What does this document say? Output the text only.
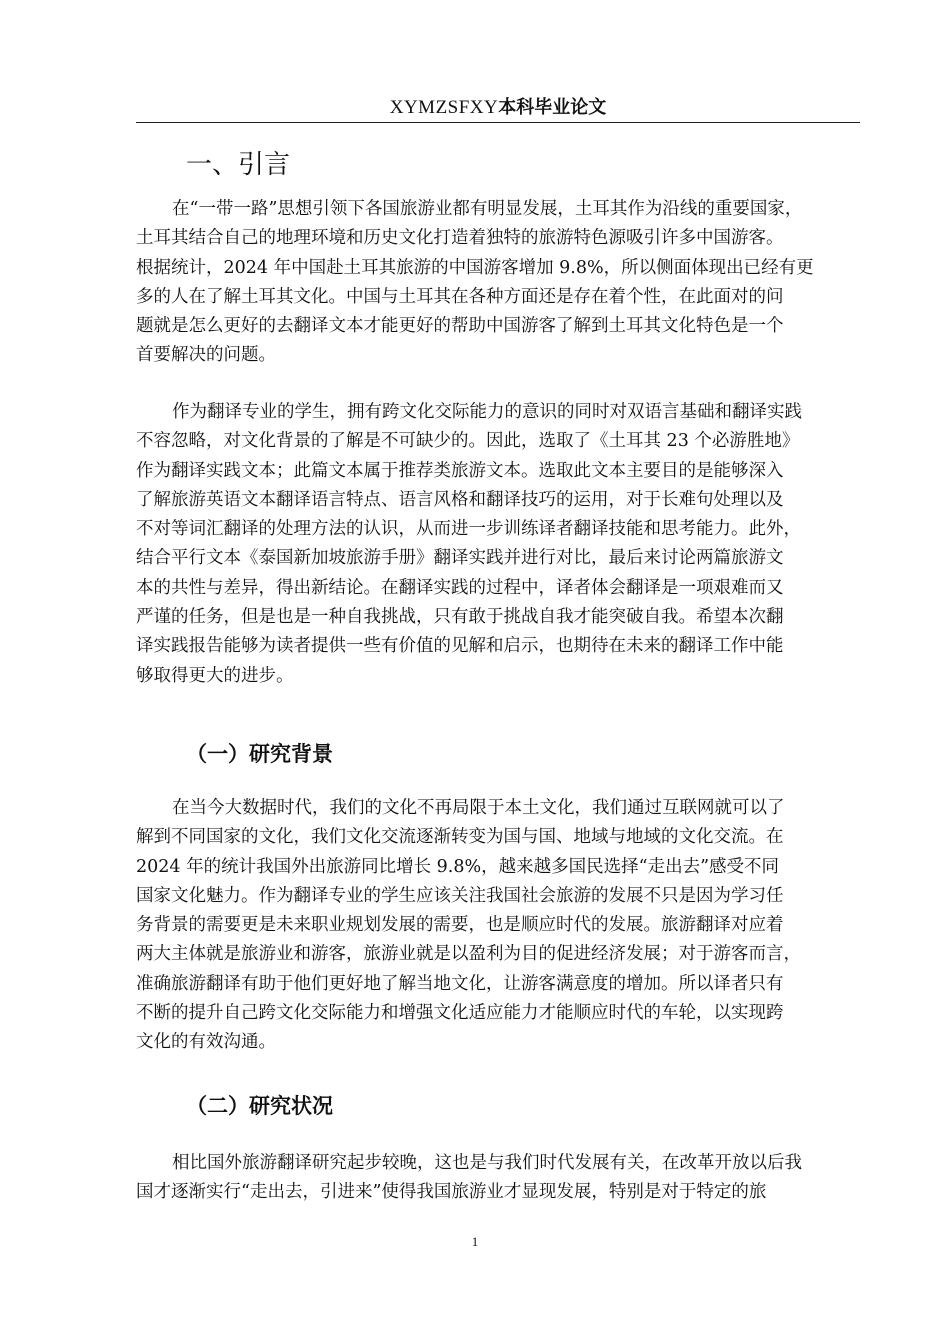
XYMZSFXY本科毕业论文
一、引言
在“一带一路”思想引领下各国旅游业都有明显发展，土耳其作为沿线的重要国家，
土耳其结合自己的地理环境和历史文化打造着独特的旅游特色源吸引许多中国游客。
根据统计，2024 年中国赴土耳其旅游的中国游客增加 9.8%，所以侧面体现出已经有更
多的人在了解土耳其文化。中国与土耳其在各种方面还是存在着个性，在此面对的问
题就是怎么更好的去翻译文本才能更好的帮助中国游客了解到土耳其文化特色是一个
首要解决的问题。
作为翻译专业的学生，拥有跨文化交际能力的意识的同时对双语言基础和翻译实践
不容忽略，对文化背景的了解是不可缺少的。因此，选取了《土耳其 23 个必游胜地》
作为翻译实践文本；此篇文本属于推荐类旅游文本。选取此文本主要目的是能够深入
了解旅游英语文本翻译语言特点、语言风格和翻译技巧的运用，对于长难句处理以及
不对等词汇翻译的处理方法的认识，从而进一步训练译者翻译技能和思考能力。此外，
结合平行文本《泰国新加坡旅游手册》翻译实践并进行对比，最后来讨论两篇旅游文
本的共性与差异，得出新结论。在翻译实践的过程中，译者体会翻译是一项艰难而又
严谨的任务，但是也是一种自我挑战，只有敢于挑战自我才能突破自我。希望本次翻
译实践报告能够为读者提供一些有价值的见解和启示，也期待在未来的翻译工作中能
够取得更大的进步。
（一）研究背景
在当今大数据时代，我们的文化不再局限于本土文化，我们通过互联网就可以了
解到不同国家的文化，我们文化交流逐渐转变为国与国、地域与地域的文化交流。在
2024 年的统计我国外出旅游同比增长 9.8%，越来越多国民选择“走出去”感受不同
国家文化魅力。作为翻译专业的学生应该关注我国社会旅游的发展不只是因为学习任
务背景的需要更是未来职业规划发展的需要，也是顺应时代的发展。旅游翻译对应着
两大主体就是旅游业和游客，旅游业就是以盈利为目的促进经济发展；对于游客而言，
准确旅游翻译有助于他们更好地了解当地文化，让游客满意度的增加。所以译者只有
不断的提升自己跨文化交际能力和增强文化适应能力才能顺应时代的车轮，以实现跨
文化的有效沟通。
（二）研究状况
相比国外旅游翻译研究起步较晚，这也是与我们时代发展有关，在改革开放以后我
国才逐渐实行“走出去，引进来”使得我国旅游业才显现发展，特别是对于特定的旅
1
